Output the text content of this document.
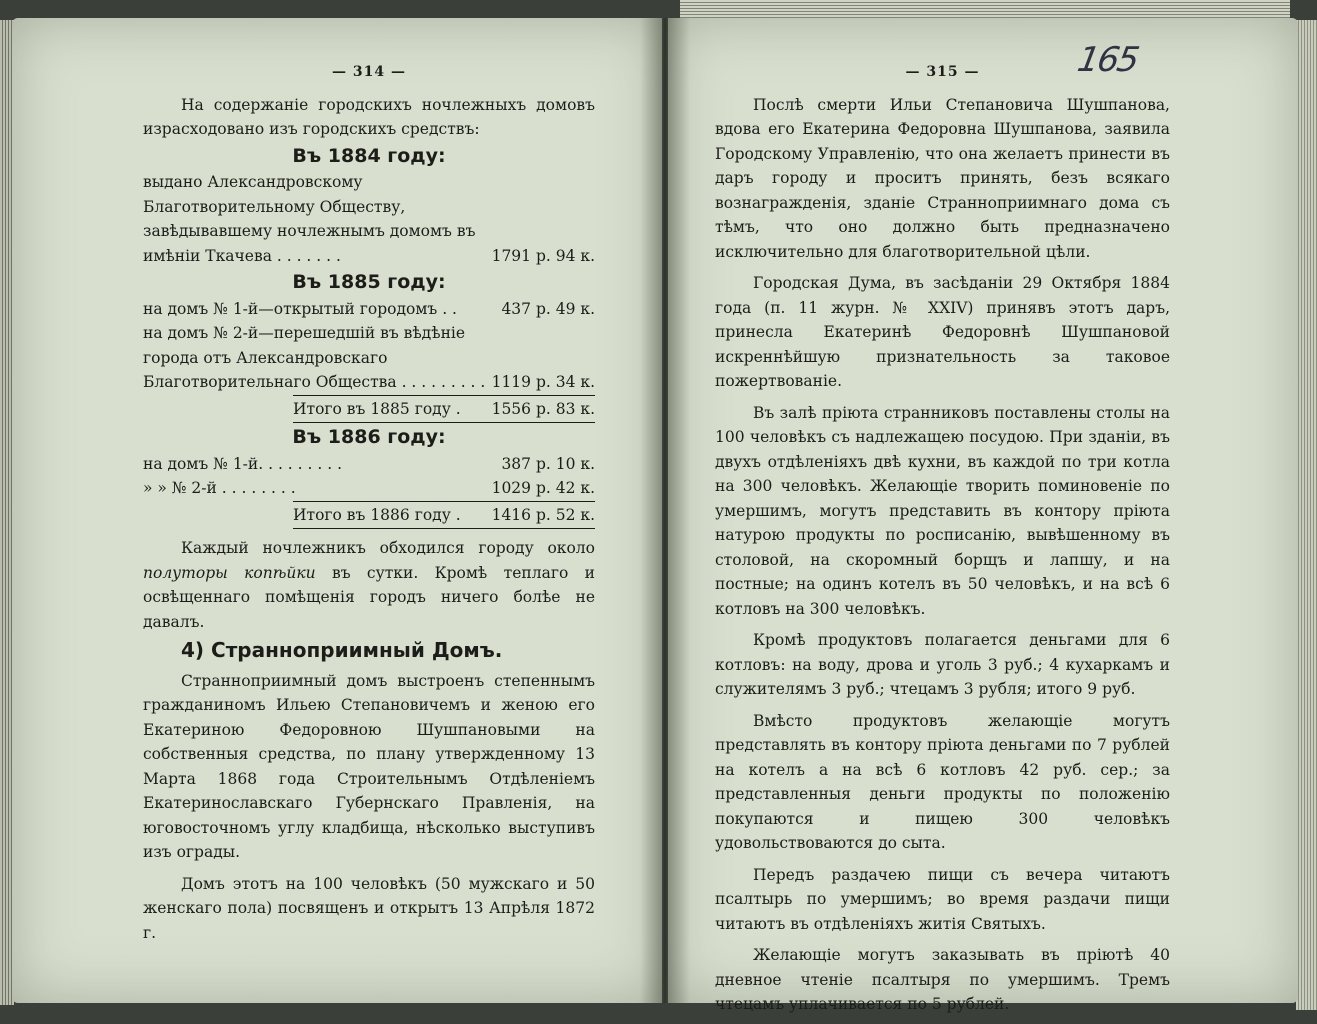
— 314 —

На содержаніе городскихъ ночлежныхъ домовъ израсходовано изъ городскихъ средствъ:

Въ 1884 году:
выдано Александровскому Благотворительному Обществу, завѣдывавшему ночлежнымъ домомъ въ имѣніи Ткачева . . . . . . .	1791 р. 94 к.
Въ 1885 году:
на домъ № 1-й—открытый городомъ . .	437 р. 49 к.
на домъ № 2-й—перешедшій въ вѣдѣніе города отъ Александровскаго Благотворительнаго Общества . . . . . . . . . 1119 р. 34 к.
Итого въ 1885 году .	1556 р. 83 к.
Въ 1886 году:
на домъ № 1-й. . . . . . . . .	387 р. 10 к.
» » № 2-й . . . . . . . .	1029 р. 42 к.
Итого въ 1886 году .	1416 р. 52 к.

Каждый ночлежникъ обходился городу около полуторы копѣйки въ сутки. Кромѣ теплаго и освѣщеннаго помѣщенія городъ ничего болѣе не давалъ.

4) Странноприимный Домъ.

Странноприимный домъ выстроенъ степеннымъ гражданиномъ Ильею Степановичемъ и женою его Екатериною Федоровною Шушпановыми на собственныя средства, по плану утвержденному 13 Марта 1868 года Строительнымъ Отдѣленіемъ Екатеринославскаго Губернскаго Правленія, на юговосточномъ углу кладбища, нѣсколько выступивъ изъ ограды.

Домъ этотъ на 100 человѣкъ (50 мужскаго и 50 женскаго пола) посвященъ и открытъ 13 Апрѣля 1872 г.

165
— 315 —

Послѣ смерти Ильи Степановича Шушпанова, вдова его Екатерина Федоровна Шушпанова, заявила Городскому Управленію, что она желаетъ принести въ даръ городу и проситъ принять, безъ всякаго вознагражденія, зданіе Странноприимнаго дома съ тѣмъ, что оно должно быть предназначено исключительно для благотворительной цѣли.

Городская Дума, въ засѣданіи 29 Октября 1884 года (п. 11 журн. № XXIV) принявъ этотъ даръ, принесла Екатеринѣ Федоровнѣ Шушпановой искреннѣйшую признательность за таковое пожертвованіе.

Въ залѣ пріюта странниковъ поставлены столы на 100 человѣкъ съ надлежащею посудою. При зданіи, въ двухъ отдѣленіяхъ двѣ кухни, въ каждой по три котла на 300 человѣкъ. Желающіе творить поминовеніе по умершимъ, могутъ представить въ контору пріюта натурою продукты по росписанію, вывѣшенному въ столовой, на скоромный борщъ и лапшу, и на постные; на одинъ котелъ въ 50 человѣкъ, и на всѣ 6 котловъ на 300 человѣкъ.

Кромѣ продуктовъ полагается деньгами для 6 котловъ: на воду, дрова и уголь 3 руб.; 4 кухаркамъ и служителямъ 3 руб.; чтецамъ 3 рубля; итого 9 руб.

Вмѣсто продуктовъ желающіе могутъ представлять въ контору пріюта деньгами по 7 рублей на котелъ а на всѣ 6 котловъ 42 руб. сер.; за представленныя деньги продукты по положенію покупаются и пищею 300 человѣкъ удовольствоваются до сыта.

Передъ раздачею пищи съ вечера читаютъ псалтырь по умершимъ; во время раздачи пищи читаютъ въ отдѣленіяхъ житія Святыхъ.

Желающіе могутъ заказывать въ пріютѣ 40 дневное чтеніе псалтыря по умершимъ. Тремъ чтецамъ уплачивается по 5 рублей.
